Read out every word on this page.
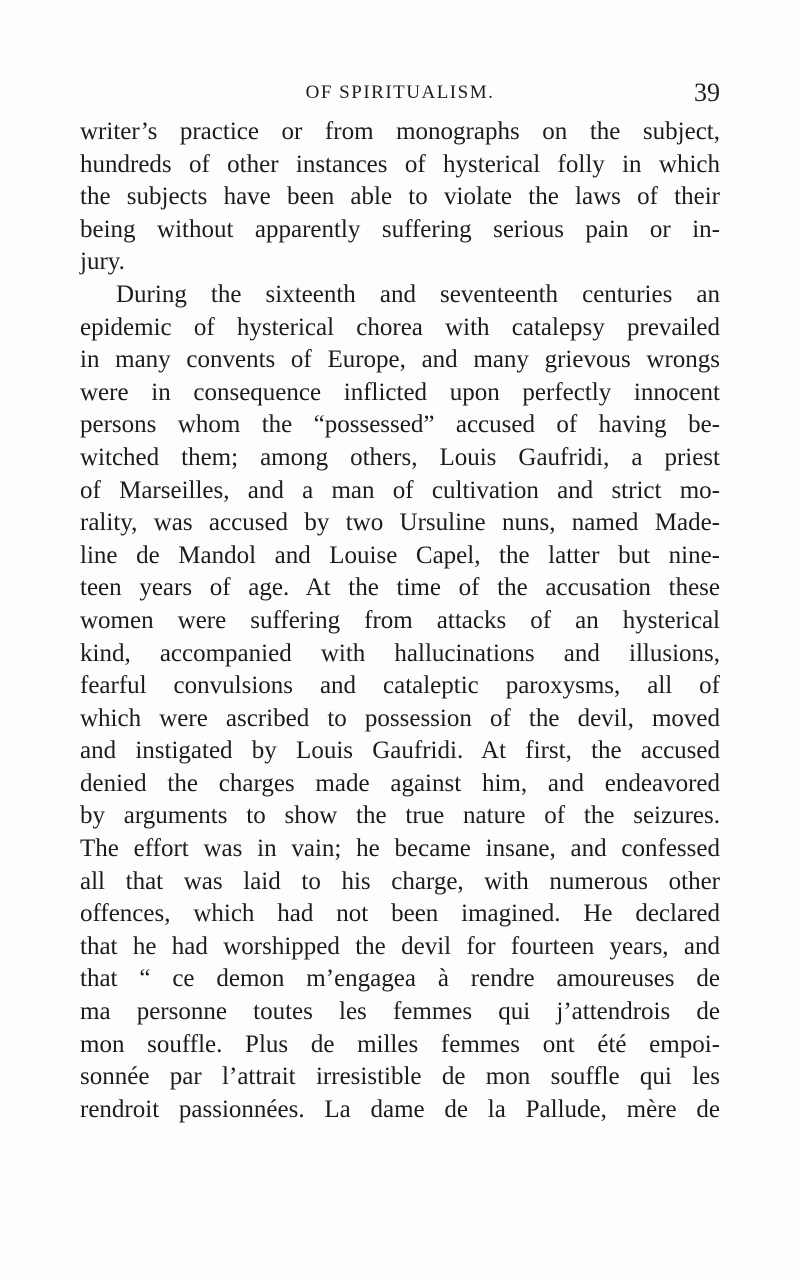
OF SPIRITUALISM.	39
writer’s practice or from monographs on the subject,
hundreds of other instances of hysterical folly in which
the subjects have been able to violate the laws of their
being without apparently suffering serious pain or in-
jury.
During the sixteenth and seventeenth centuries an
epidemic of hysterical chorea with catalepsy prevailed
in many convents of Europe, and many grievous wrongs
were in consequence inflicted upon perfectly innocent
persons whom the “possessed” accused of having be-
witched them; among others, Louis Gaufridi, a priest
of Marseilles, and a man of cultivation and strict mo-
rality, was accused by two Ursuline nuns, named Made-
line de Mandol and Louise Capel, the latter but nine-
teen years of age. At the time of the accusation these
women were suffering from attacks of an hysterical
kind, accompanied with hallucinations and illusions,
fearful convulsions and cataleptic paroxysms, all of
which were ascribed to possession of the devil, moved
and instigated by Louis Gaufridi. At first, the accused
denied the charges made against him, and endeavored
by arguments to show the true nature of the seizures.
The effort was in vain; he became insane, and confessed
all that was laid to his charge, with numerous other
offences, which had not been imagined. He declared
that he had worshipped the devil for fourteen years, and
that “ ce demon m’engagea à rendre amoureuses de
ma personne toutes les femmes qui j’attendrois de
mon souffle. Plus de milles femmes ont été empoi-
sonnée par l’attrait irresistible de mon souffle qui les
rendroit passionnées. La dame de la Pallude, mère de
